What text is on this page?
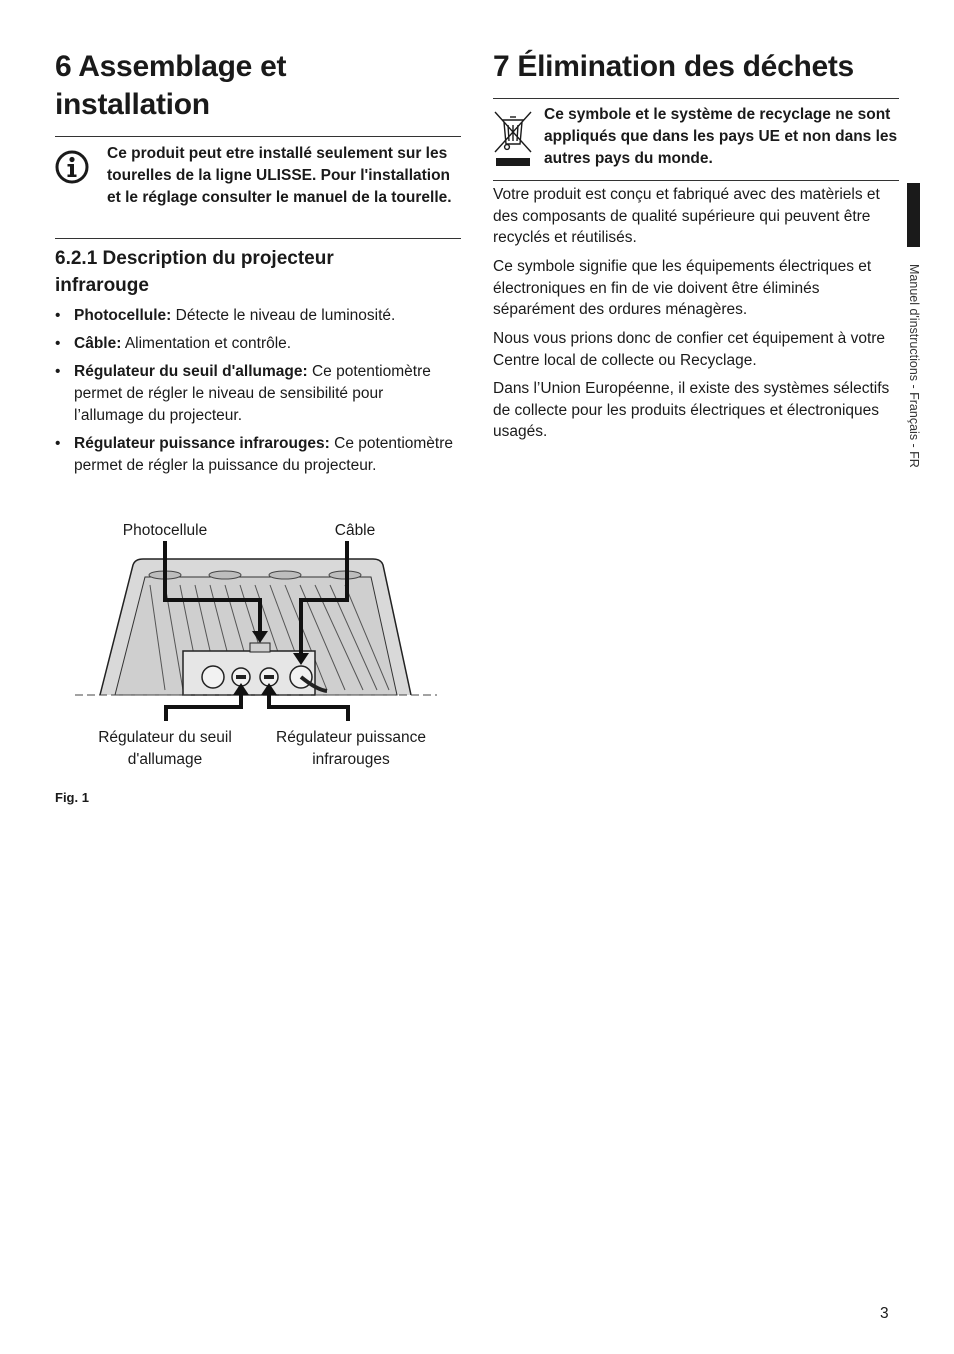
6 Assemblage et
installation
Ce produit peut etre installé seulement sur les tourelles de la ligne ULISSE. Pour l'installation et le réglage consulter le manuel de la tourelle.
6.2.1 Description du projecteur
infrarouge
• Photocellule: Détecte le niveau de luminosité.
• Câble: Alimentation et contrôle.
• Régulateur du seuil d'allumage: Ce potentiomètre permet de régler le niveau de sensibilité pour l’allumage du projecteur.
• Régulateur puissance infrarouges: Ce potentiomètre permet de régler la puissance du projecteur.
Photocellule	Câble
Régulateur du seuil
d'allumage
Régulateur puissance
infrarouges
Fig. 1
7 Élimination des déchets
Ce symbole et le système de recyclage ne sont appliqués que dans les pays UE et non dans les autres pays du monde.

Votre produit est conçu et fabriqué avec des matèriels et des composants de qualité supérieure qui peuvent être recyclés et réutilisés.

Ce symbole signifie que les équipements électriques et électroniques en fin de vie doivent être éliminés séparément des ordures ménagères.

Nous vous prions donc de confier cet équipement à votre Centre local de collecte ou Recyclage.

Dans l’Union Européenne, il existe des systèmes sélectifs de collecte pour les produits électriques et électroniques usagés.	Manuel d'instructions - Français - FR
3
